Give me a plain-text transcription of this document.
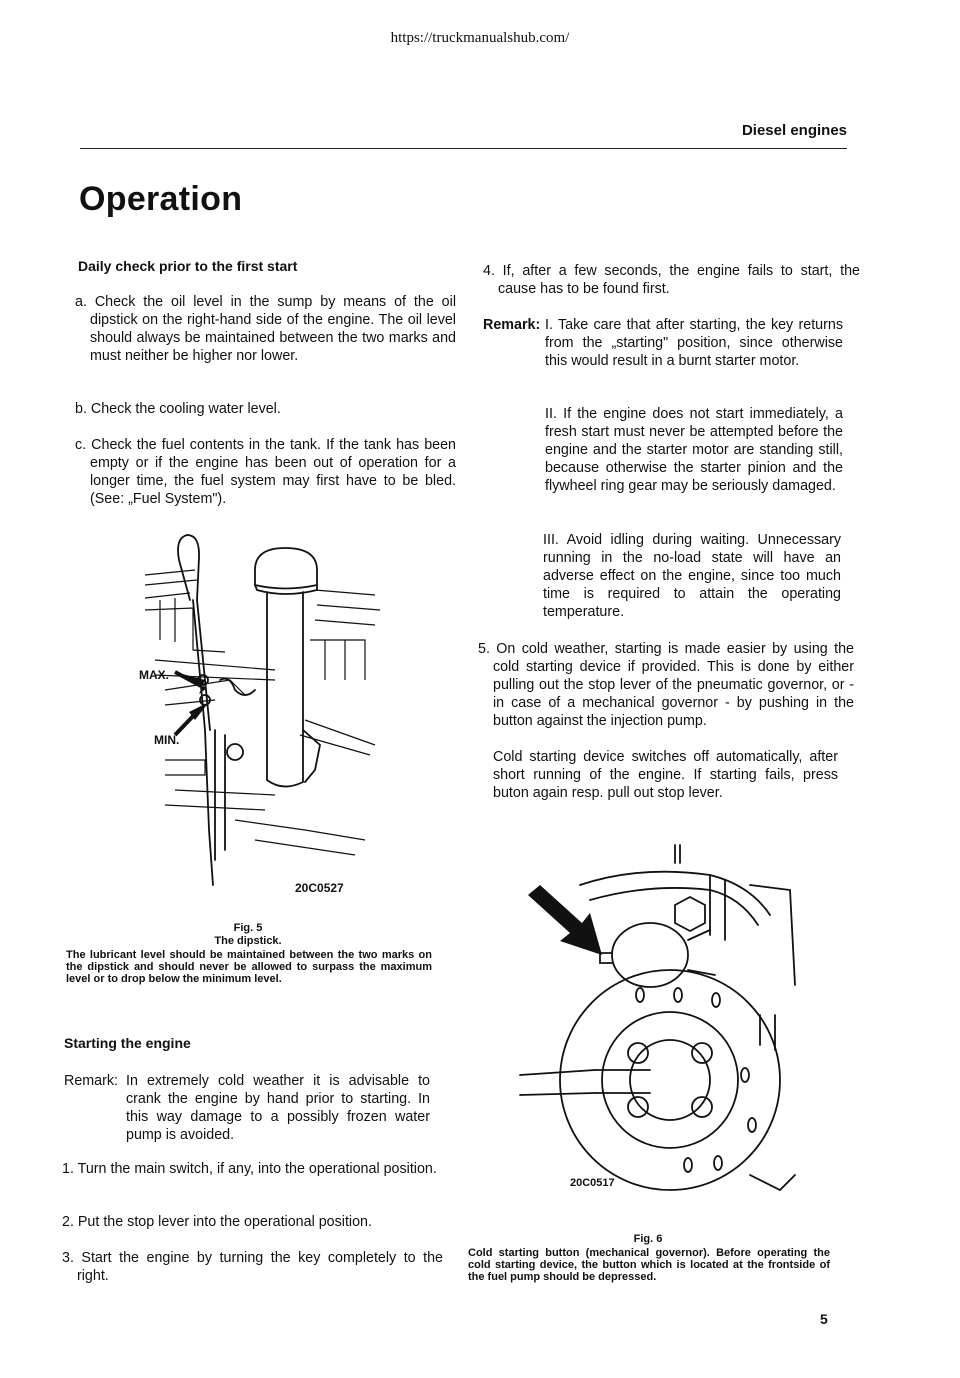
https://truckmanualshub.com/
Diesel engines
Operation
Daily check prior to the first start
a. Check the oil level in the sump by means of the oil dipstick on the right-hand side of the engine. The oil level should always be maintained between the two marks and must neither be higher nor lower.
b. Check the cooling water level.
c. Check the fuel contents in the tank. If the tank has been empty or if the engine has been out of operation for a longer time, the fuel system may first have to be bled. (See: „Fuel System").
MAX.
MIN.
20C0527
Fig. 5
The dipstick.
The lubricant level should be maintained between the two marks on the dipstick and should never be allowed to surpass the maximum level or to drop below the minimum level.
Starting the engine
Remark: In extremely cold weather it is advisable to crank the engine by hand prior to starting. In this way damage to a possibly frozen water pump is avoided.
1. Turn the main switch, if any, into the operational position.
2. Put the stop lever into the operational position.
3. Start the engine by turning the key completely to the right.
4. If, after a few seconds, the engine fails to start, the cause has to be found first.
Remark: I. Take care that after starting, the key returns from the „starting" position, since otherwise this would result in a burnt starter motor.
II. If the engine does not start immediately, a fresh start must never be attempted before the engine and the starter motor are standing still, because otherwise the starter pinion and the flywheel ring gear may be seriously damaged.
III. Avoid idling during waiting. Unnecessary running in the no-load state will have an adverse effect on the engine, since too much time is required to attain the operating temperature.
5. On cold weather, starting is made easier by using the cold starting device if provided. This is done by either pulling out the stop lever of the pneumatic governor, or - in case of a mechanical governor - by pushing in the button against the injection pump.
Cold starting device switches off automatically, after short running of the engine. If starting fails, press buton again resp. pull out stop lever.
20C0517
Fig. 6
Cold starting button (mechanical governor). Before operating the cold starting device, the button which is located at the frontside of the fuel pump should be depressed.
5
